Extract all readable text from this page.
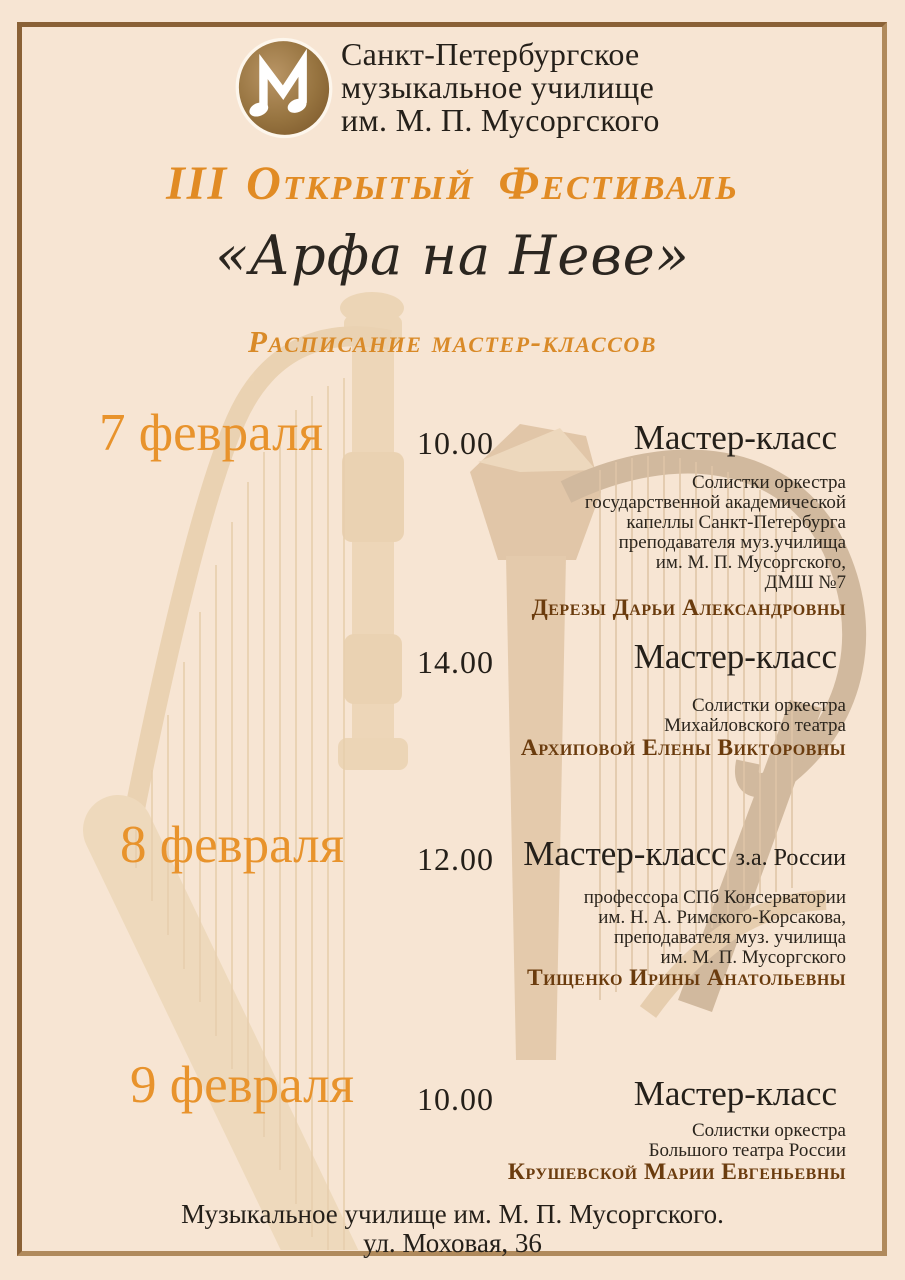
Санкт-Петербургское
музыкальное училище
им. М. П. Мусоргского
III Открытый Фестиваль
«Арфа на Неве»
Расписание мастер-классов
7 февраля	10.00	Мастер-класс
Солистки оркестра
государственной академической
капеллы Санкт-Петербурга
преподавателя муз.училища
им. М. П. Мусоргского,
ДМШ №7
Дерезы Дарьи Александровны
14.00	Мастер-класс
Солистки оркестра
Михайловского театра
Архиповой Елены Викторовны
8 февраля 12.00 Мастер-класс з.а. России
профессора СПб Консерватории
им. Н. А. Римского-Корсакова,
преподавателя муз. училища
им. М. П. Мусоргского
Тищенко Ирины Анатольевны
9 февраля 10.00	Мастер-класс
Солистки оркестра
Большого театра России
Крушевской Марии Евгеньевны
Музыкальное училище им. М. П. Мусоргского.
ул. Моховая, 36
